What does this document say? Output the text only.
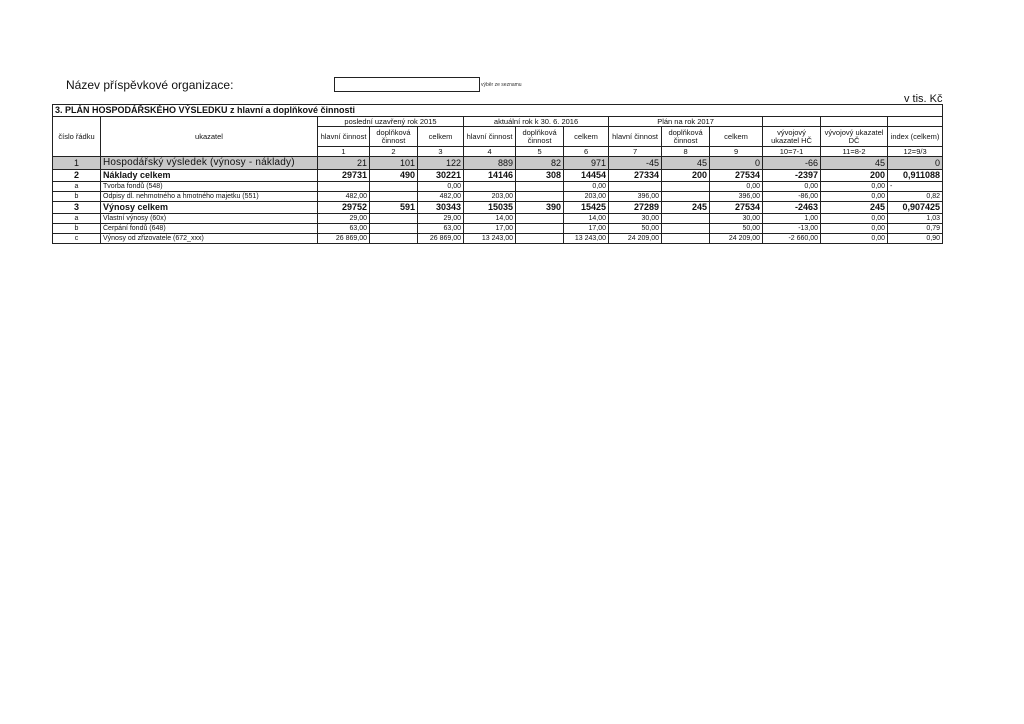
Název příspěvkové organizace:	výběr ze seznamu
v tis. Kč
3. PLÁN HOSPODÁŘSKÉHO VÝSLEDKU z hlavní a doplňkové činnosti													
číslo řádku	ukazatel	poslední uzavřený rok 2015			aktuální rok k 30. 6. 2016			Plán na rok 2017					
		hlavní činnost	doplňková činnost	celkem	hlavní činnost	doplňková činnost	celkem	hlavní činnost	doplňková činnost	celkem	vývojový ukazatel HČ	vývojový ukazatel DČ	index (celkem)
		1	2	3	4	5	6	7	8	9	10=7-1	11=8-2	12=9/3
1	Hospodářský výsledek (výnosy - náklady)	21	101	122	889	82	971	-45	45	0	-66	45	0
2	Náklady celkem	29731	490	30221	14146	308	14454	27334	200	27534	-2397	200	0,911088
a	Tvorba fondů (548)			0,00			0,00			0,00	0,00	0,00	-
b	Odpisy dl. nehmotného a hmotného majetku (551)	482,00		482,00	203,00		203,00	396,00		396,00	-86,00	0,00	0,82
3	Výnosy celkem	29752	591	30343	15035	390	15425	27289	245	27534	-2463	245	0,907425
a	Vlastní výnosy (60x)	29,00		29,00	14,00		14,00	30,00		30,00	1,00	0,00	1,03
b	Čerpání fondů (648)	63,00		63,00	17,00		17,00	50,00		50,00	-13,00	0,00	0,79
c	Výnosy od zřizovatele (672_xxx)	26 869,00		26 869,00	13 243,00		13 243,00	24 209,00		24 209,00	-2 660,00	0,00	0,90
